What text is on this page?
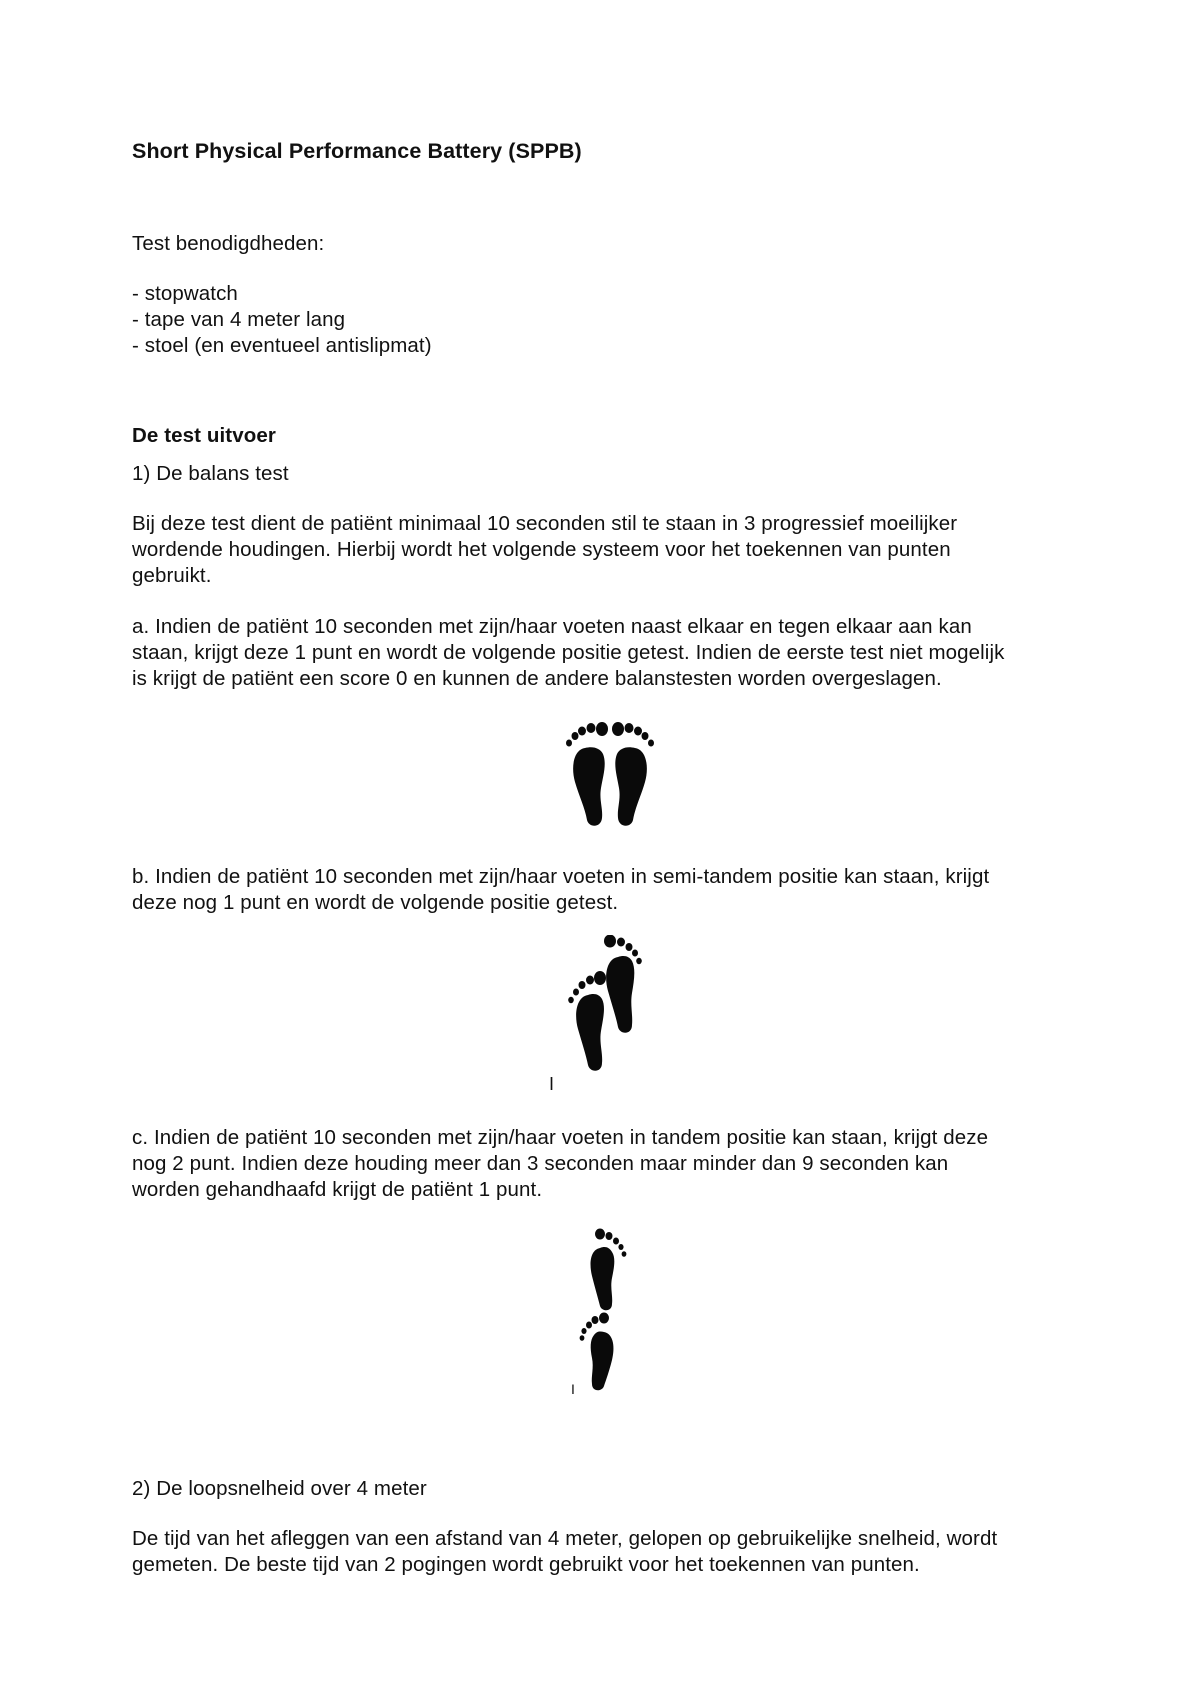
Short Physical Performance Battery (SPPB)
Test benodigdheden:
- stopwatch
- tape van 4 meter lang
- stoel (en eventueel antislipmat)
De test uitvoer
1) De balans test
Bij deze test dient de patiënt minimaal 10 seconden stil te staan in 3 progressief moeilijker
wordende houdingen. Hierbij wordt het volgende systeem voor het toekennen van punten
gebruikt.
a. Indien de patiënt 10 seconden met zijn/haar voeten naast elkaar en tegen elkaar aan kan
staan, krijgt deze 1 punt en wordt de volgende positie getest. Indien de eerste test niet mogelijk
is krijgt de patiënt een score 0 en kunnen de andere balanstesten worden overgeslagen.
b. Indien de patiënt 10 seconden met zijn/haar voeten in semi-tandem positie kan staan, krijgt
deze nog 1 punt en wordt de volgende positie getest.
I
c. Indien de patiënt 10 seconden met zijn/haar voeten in tandem positie kan staan, krijgt deze
nog 2 punt. Indien deze houding meer dan 3 seconden maar minder dan 9 seconden kan
worden gehandhaafd krijgt de patiënt 1 punt.
I
2) De loopsnelheid over 4 meter
De tijd van het afleggen van een afstand van 4 meter, gelopen op gebruikelijke snelheid, wordt
gemeten. De beste tijd van 2 pogingen wordt gebruikt voor het toekennen van punten.
